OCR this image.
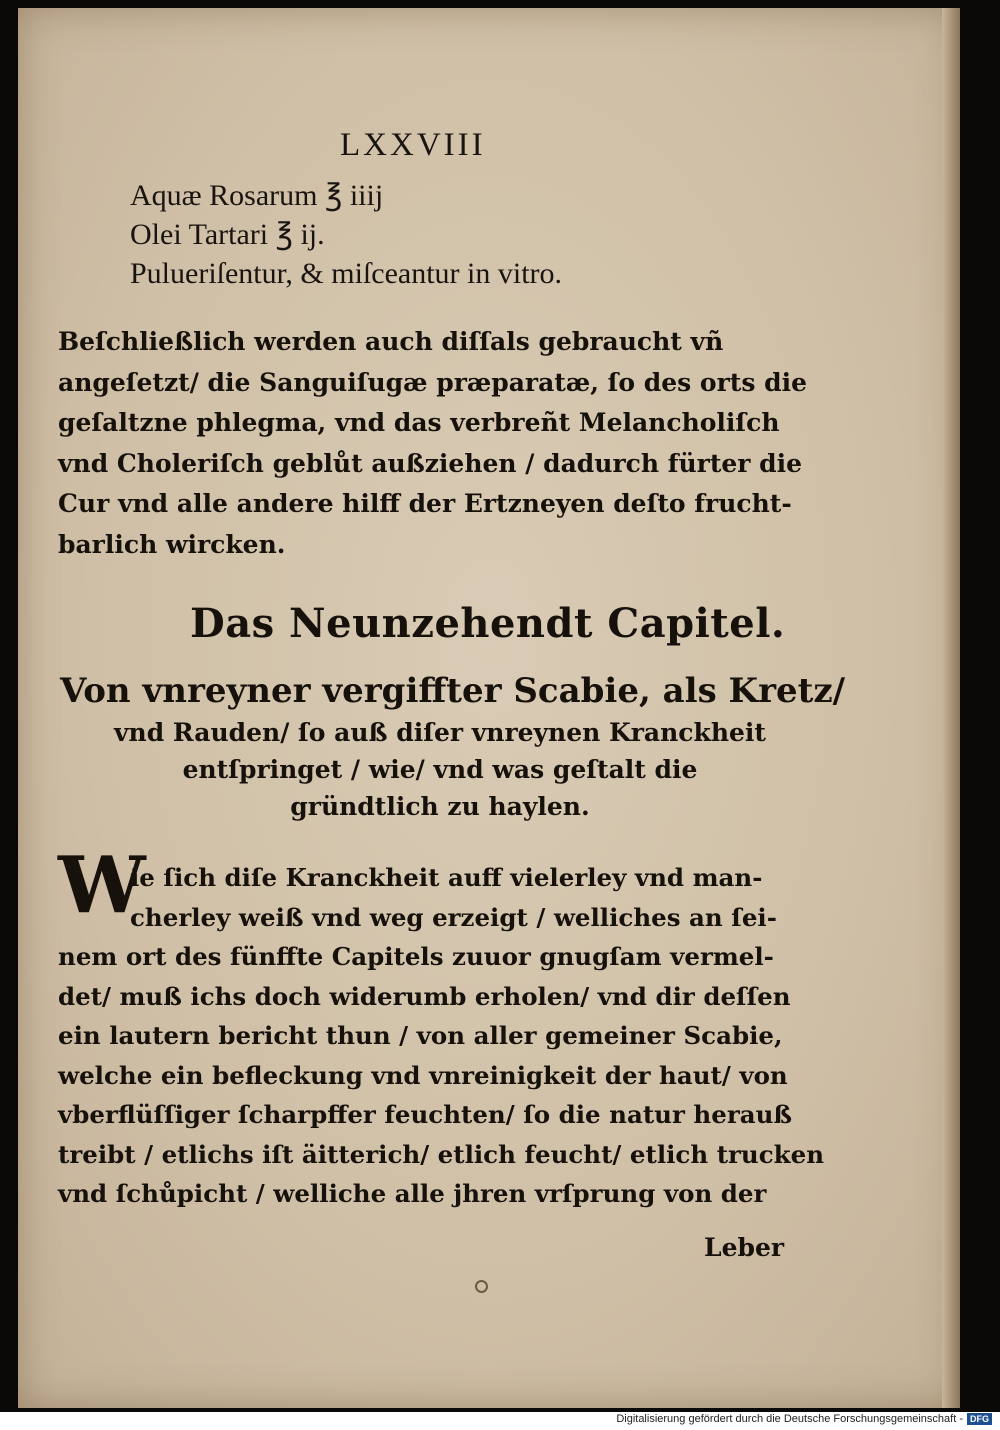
LXXVIII
Aquæ Rosarum ℥ iiij
Olei Tartari ℥ ij.
Pulueriſentur, & miſceantur in vitro.
Beſchließlich werden auch diſſals gebraucht vñ
angeſetzt/ die Sanguiſugæ præparatæ, ſo des orts die
geſaltzne phlegma, vnd das verbreñt Melancholiſch
vnd Choleriſch geblůt außziehen / dadurch fürter die
Cur vnd alle andere hilff der Ertzneyen deſto frucht-
barlich wircken.
Das Neunzehendt Capitel.
Von vnreyner vergiffter Scabie, als Kretz/
vnd Rauden/ ſo auß diſer vnreynen Kranckheit
entſpringet / wie/ vnd was geſtalt die
gründtlich zu haylen.
W
ie ſich diſe Kranckheit auff vielerley vnd man-
cherley weiß vnd weg erzeigt / welliches an ſei-
nem ort des fünffte Capitels zuuor gnugſam vermel-
det/ muß ichs doch widerumb erholen/ vnd dir deſſen
ein lautern bericht thun / von aller gemeiner Scabie,
welche ein befleckung vnd vnreinigkeit der haut/ von
vberflüſſiger ſcharpffer feuchten/ ſo die natur herauß
treibt / etlichs iſt äitterich/ etlich feucht/ etlich trucken
vnd ſchůpicht / welliche alle jhren vrſprung von der
Leber
Digitalisierung gefördert durch die Deutsche Forschungsgemeinschaft - DFG
